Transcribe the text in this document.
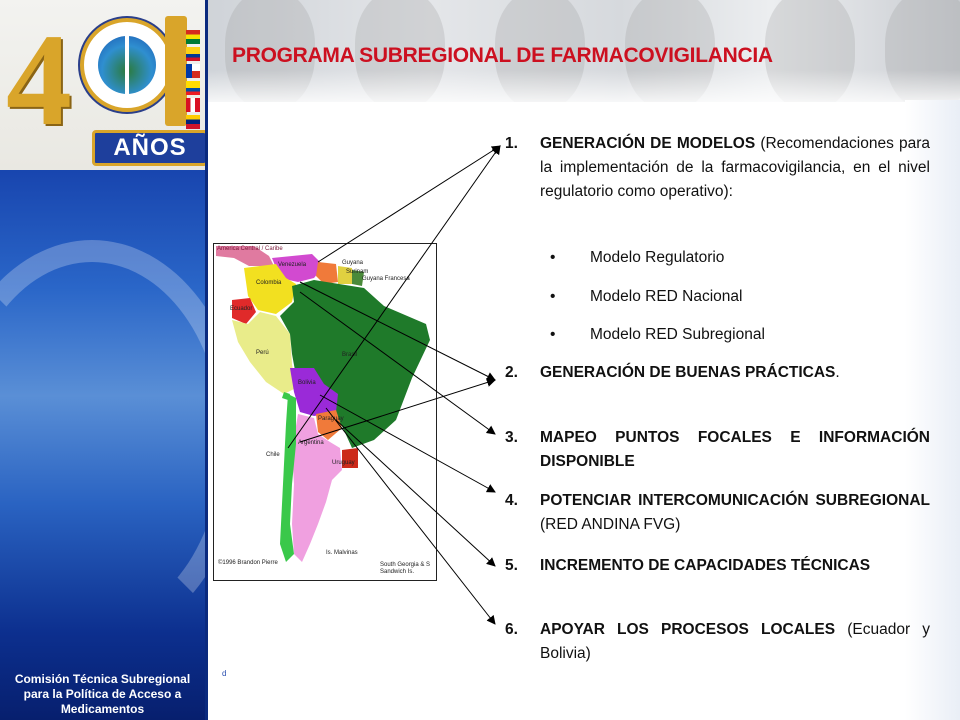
4	AÑOS
Comisión Técnica Subregional
para la Política de Acceso a
Medicamentos
d
PROGRAMA SUBREGIONAL DE FARMACOVIGILANCIA
America Central / Caribe
Venezuela	Guyana
Surinam
Guyana Francesa
Colombia
Ecuador
Perú	Brasil
Bolivia
Paraguay
Argentina
Uruguay
Chile
Is. Malvinas
©1996 Brandon Pierre	South Georgia & S Sandwich Is.
1.	GENERACIÓN DE MODELOS (Recomendaciones para la implementación de la farmacovigilancia, en el nivel regulatorio como operativo):
• Modelo Regulatorio
• Modelo RED Nacional
• Modelo RED Subregional
2.	GENERACIÓN DE BUENAS PRÁCTICAS.
3.	MAPEO PUNTOS FOCALES E INFORMACIÓN DISPONIBLE
4.	POTENCIAR INTERCOMUNICACIÓN SUBREGIONAL (RED ANDINA FVG)
5.	INCREMENTO DE CAPACIDADES TÉCNICAS
6.	APOYAR LOS PROCESOS LOCALES (Ecuador y Bolivia)
